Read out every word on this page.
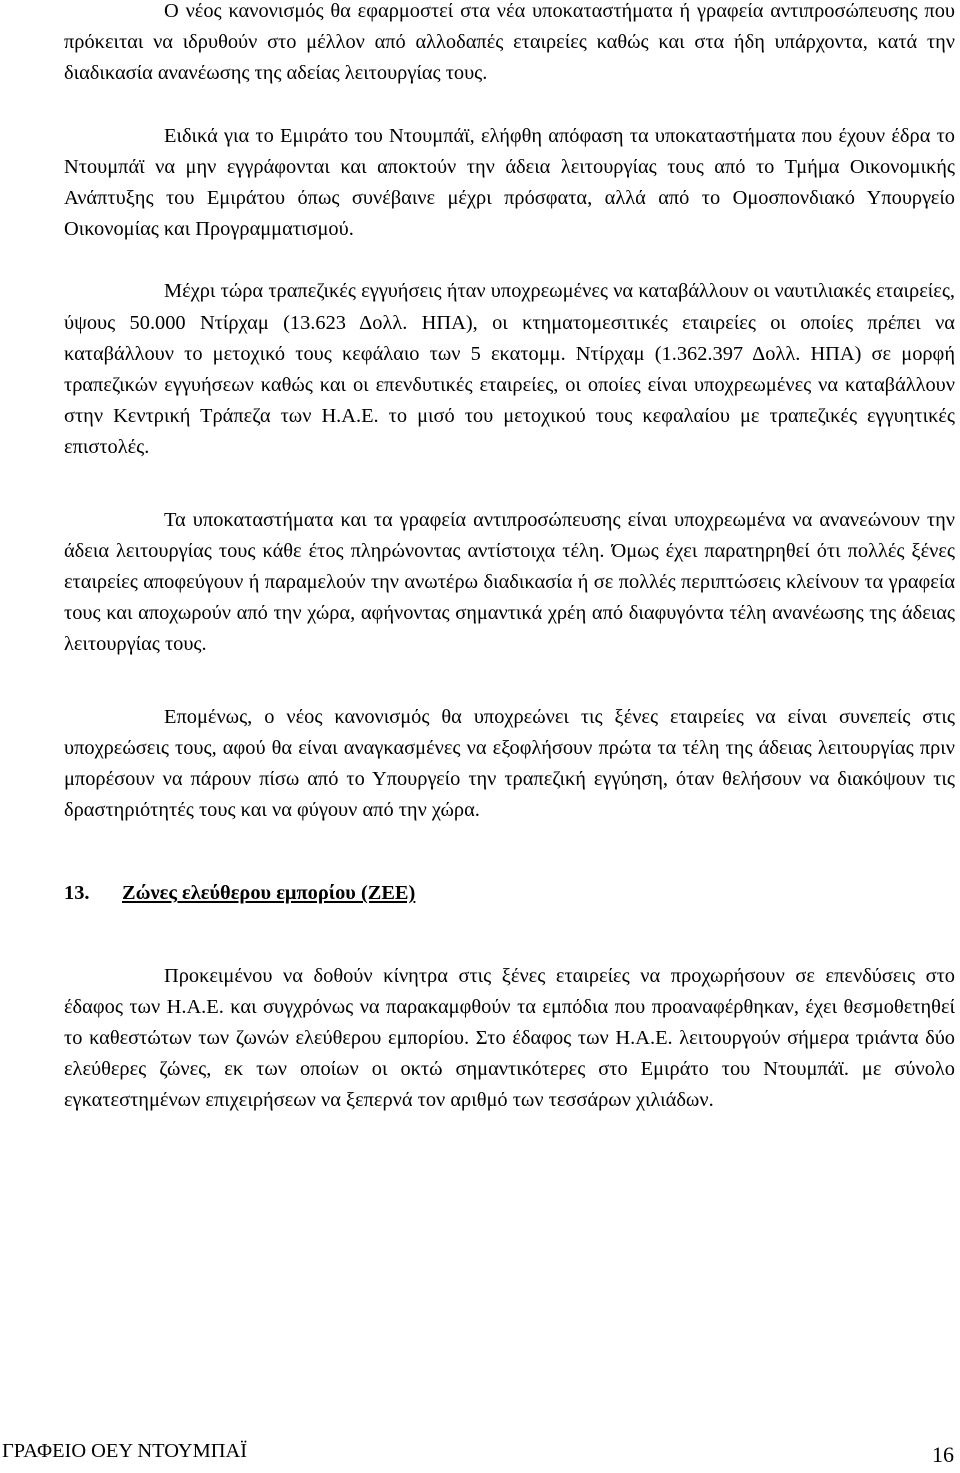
Ο νέος κανονισμός θα εφαρμοστεί στα νέα υποκαταστήματα ή γραφεία αντιπροσώπευσης που πρόκειται να ιδρυθούν στο μέλλον από αλλοδαπές εταιρείες καθώς και στα ήδη υπάρχοντα, κατά την διαδικασία ανανέωσης της αδείας λειτουργίας τους.

Ειδικά για το Εμιράτο του Ντουμπάϊ, ελήφθη απόφαση τα υποκαταστήματα που έχουν έδρα το Ντουμπάϊ να μην εγγράφονται και αποκτούν την άδεια λειτουργίας τους από το Τμήμα Οικονομικής Ανάπτυξης του Εμιράτου όπως συνέβαινε μέχρι πρόσφατα, αλλά από το Ομοσπονδιακό Υπουργείο Οικονομίας και Προγραμματισμού.

Μέχρι τώρα τραπεζικές εγγυήσεις ήταν υποχρεωμένες να καταβάλλουν οι ναυτιλιακές εταιρείες, ύψους 50.000 Ντίρχαμ (13.623 Δολλ. ΗΠΑ), οι κτηματομεσιτικές εταιρείες οι οποίες πρέπει να καταβάλλουν το μετοχικό τους κεφάλαιο των 5 εκατομμ. Ντίρχαμ (1.362.397 Δολλ. ΗΠΑ) σε μορφή τραπεζικών εγγυήσεων καθώς και οι επενδυτικές εταιρείες, οι οποίες είναι υποχρεωμένες να καταβάλλουν στην Κεντρική Τράπεζα των Η.Α.Ε. το μισό του μετοχικού τους κεφαλαίου με τραπεζικές εγγυητικές επιστολές.

Τα υποκαταστήματα και τα γραφεία αντιπροσώπευσης είναι υποχρεωμένα να ανανεώνουν την άδεια λειτουργίας τους κάθε έτος πληρώνοντας αντίστοιχα τέλη. Όμως έχει παρατηρηθεί ότι πολλές ξένες εταιρείες αποφεύγουν ή παραμελούν την ανωτέρω διαδικασία ή σε πολλές περιπτώσεις κλείνουν τα γραφεία τους και αποχωρούν από την χώρα, αφήνοντας σημαντικά χρέη από διαφυγόντα τέλη ανανέωσης της άδειας λειτουργίας τους.

Επομένως, ο νέος κανονισμός θα υποχρεώνει τις ξένες εταιρείες να είναι συνεπείς στις υποχρεώσεις τους, αφού θα είναι αναγκασμένες να εξοφλήσουν πρώτα τα τέλη της άδειας λειτουργίας πριν μπορέσουν να πάρουν πίσω από το Υπουργείο την τραπεζική εγγύηση, όταν θελήσουν να διακόψουν τις δραστηριότητές τους και να φύγουν από την χώρα.

13. Ζώνες ελεύθερου εμπορίου (ΖΕΕ)

Προκειμένου να δοθούν κίνητρα στις ξένες εταιρείες να προχωρήσουν σε επενδύσεις στο έδαφος των Η.Α.Ε. και συγχρόνως να παρακαμφθούν τα εμπόδια που προαναφέρθηκαν, έχει θεσμοθετηθεί το καθεστώτων των ζωνών ελεύθερου εμπορίου. Στο έδαφος των Η.Α.Ε. λειτουργούν σήμερα τριάντα δύο ελεύθερες ζώνες, εκ των οποίων οι οκτώ σημαντικότερες στο Εμιράτο του Ντουμπάϊ. με σύνολο εγκατεστημένων επιχειρήσεων να ξεπερνά τον αριθμό των τεσσάρων χιλιάδων.

ΓΡΑΦΕΙΟ ΟΕΥ ΝΤΟΥΜΠΑΪ	16
